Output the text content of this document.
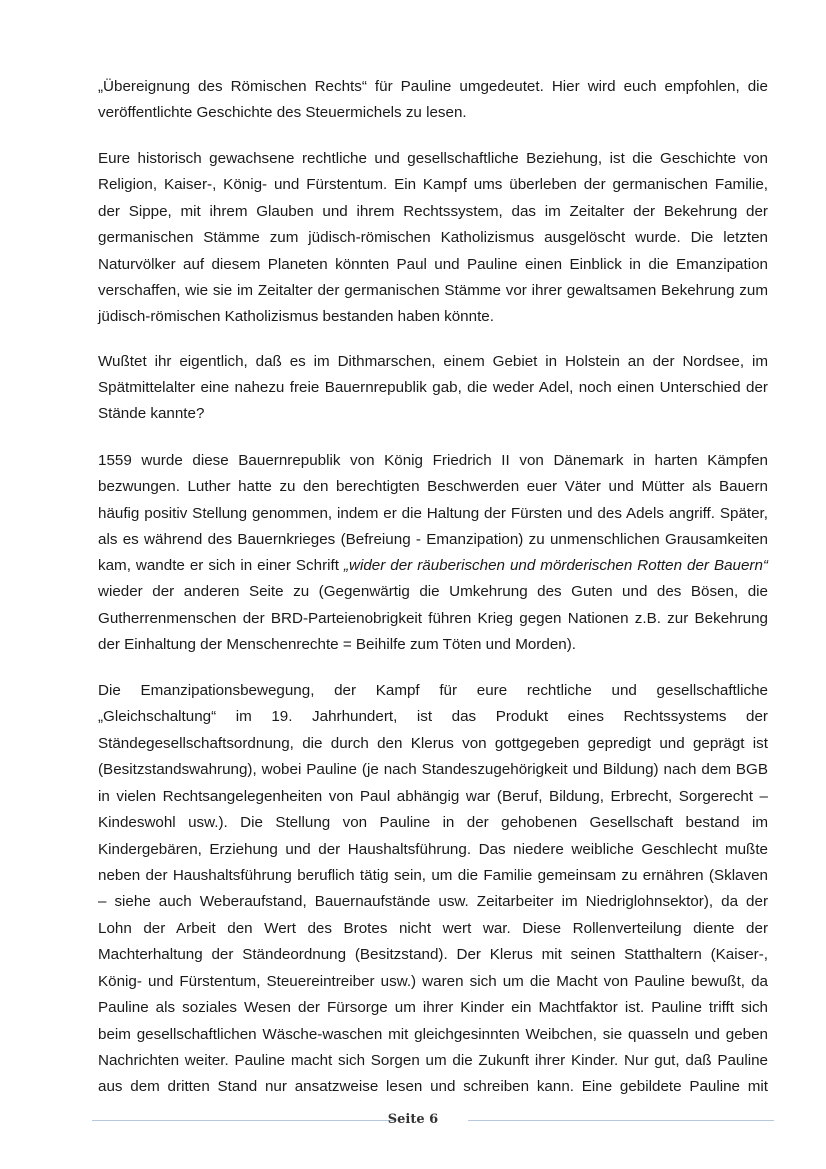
„Übereignung des Römischen Rechts“ für Pauline umgedeutet. Hier wird euch empfohlen, die
veröffentlichte Geschichte des Steuermichels zu lesen.
Eure historisch gewachsene rechtliche und gesellschaftliche Beziehung, ist die Geschichte von
Religion, Kaiser-, König- und Fürstentum. Ein Kampf ums überleben der germanischen Familie,
der Sippe, mit ihrem Glauben und ihrem Rechtssystem, das im Zeitalter der Bekehrung der
germanischen Stämme zum jüdisch-römischen Katholizismus ausgelöscht wurde. Die letzten
Naturvölker auf diesem Planeten könnten Paul und Pauline einen Einblick in die Emanzipation
verschaffen, wie sie im Zeitalter der germanischen Stämme vor ihrer gewaltsamen Bekehrung zum
jüdisch-römischen Katholizismus bestanden haben könnte.
Wußtet ihr eigentlich, daß es im Dithmarschen, einem Gebiet in Holstein an der Nordsee, im
Spätmittelalter eine nahezu freie Bauernrepublik gab, die weder Adel, noch einen Unterschied der
Stände kannte?
1559 wurde diese Bauernrepublik von König Friedrich II von Dänemark in harten Kämpfen
bezwungen. Luther hatte zu den berechtigten Beschwerden euer Väter und Mütter als Bauern
häufig positiv Stellung genommen, indem er die Haltung der Fürsten und des Adels angriff. Später,
als es während des Bauernkrieges (Befreiung - Emanzipation) zu unmenschlichen Grausamkeiten
kam, wandte er sich in einer Schrift „wider der räuberischen und mörderischen Rotten der Bauern“
wieder der anderen Seite zu (Gegenwärtig die Umkehrung des Guten und des Bösen, die
Gutherrenmenschen der BRD-Parteienobrigkeit führen Krieg gegen Nationen z.B. zur Bekehrung
der Einhaltung der Menschenrechte = Beihilfe zum Töten und Morden).
Die Emanzipationsbewegung, der Kampf für eure rechtliche und gesellschaftliche
„Gleichschaltung“ im 19. Jahrhundert, ist das Produkt eines Rechtssystems der
Ständegesellschaftsordnung, die durch den Klerus von gottgegeben gepredigt und geprägt ist
(Besitzstandswahrung), wobei Pauline (je nach Standeszugehörigkeit und Bildung) nach dem BGB
in vielen Rechtsangelegenheiten von Paul abhängig war (Beruf, Bildung, Erbrecht, Sorgerecht –
Kindeswohl usw.). Die Stellung von Pauline in der gehobenen Gesellschaft bestand im
Kindergebären, Erziehung und der Haushaltsführung. Das niedere weibliche Geschlecht mußte
neben der Haushaltsführung beruflich tätig sein, um die Familie gemeinsam zu ernähren (Sklaven
– siehe auch Weberaufstand, Bauernaufstände usw. Zeitarbeiter im Niedriglohnsektor), da der
Lohn der Arbeit den Wert des Brotes nicht wert war. Diese Rollenverteilung diente der
Machterhaltung der Ständeordnung (Besitzstand). Der Klerus mit seinen Statthaltern (Kaiser-,
König- und Fürstentum, Steuereintreiber usw.) waren sich um die Macht von Pauline bewußt, da
Pauline als soziales Wesen der Fürsorge um ihrer Kinder ein Machtfaktor ist. Pauline trifft sich
beim gesellschaftlichen Wäsche-waschen mit gleichgesinnten Weibchen, sie quasseln und geben
Nachrichten weiter. Pauline macht sich Sorgen um die Zukunft ihrer Kinder. Nur gut, daß Pauline
aus dem dritten Stand nur ansatzweise lesen und schreiben kann. Eine gebildete Pauline mit
Seite 6
